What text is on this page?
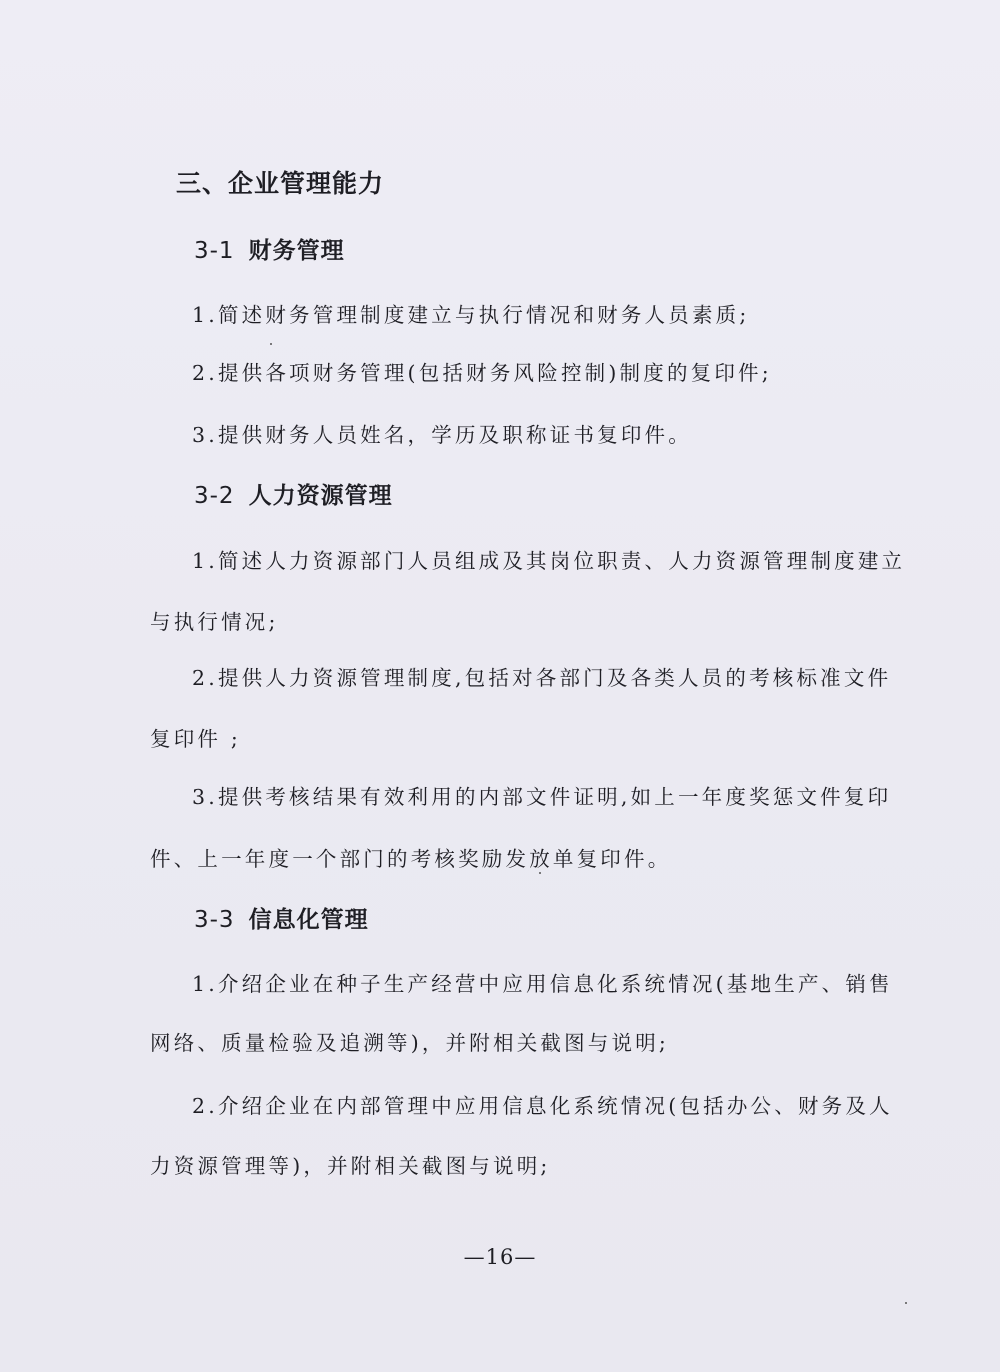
三、企业管理能力
3-1 财务管理
1.简述财务管理制度建立与执行情况和财务人员素质;
2.提供各项财务管理(包括财务风险控制)制度的复印件;
3.提供财务人员姓名，学历及职称证书复印件。
3-2 人力资源管理
1.简述人力资源部门人员组成及其岗位职责、人力资源管理制度建立
与执行情况;
2.提供人力资源管理制度,包括对各部门及各类人员的考核标准文件
复印件 ;
3.提供考核结果有效利用的内部文件证明,如上一年度奖惩文件复印
件、上一年度一个部门的考核奖励发放单复印件。
3-3 信息化管理
1.介绍企业在种子生产经营中应用信息化系统情况(基地生产、销售
网络、质量检验及追溯等)，并附相关截图与说明;
2.介绍企业在内部管理中应用信息化系统情况(包括办公、财务及人
力资源管理等)，并附相关截图与说明;
—16—
